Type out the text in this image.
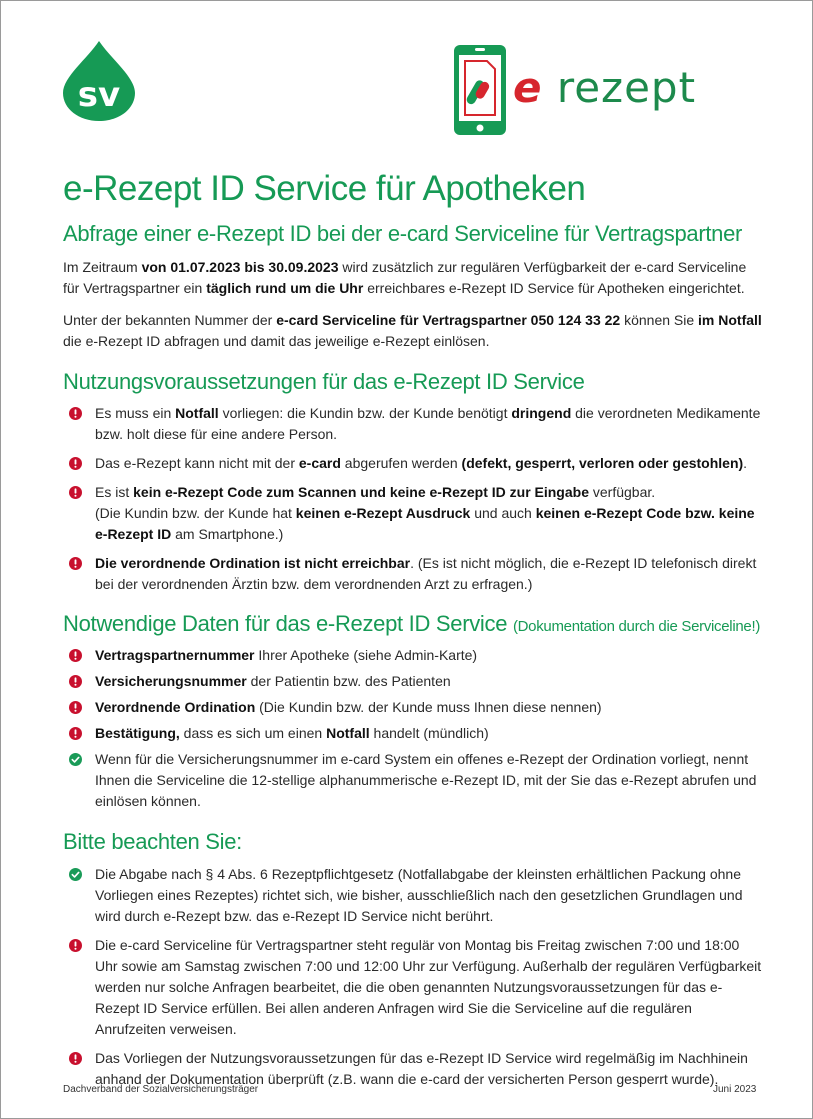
sv	e rezept
e-Rezept ID Service für Apotheken
Abfrage einer e-Rezept ID bei der e-card Serviceline für Vertragspartner

Im Zeitraum von 01.07.2023 bis 30.09.2023 wird zusätzlich zur regulären Verfügbarkeit der e-card Serviceline für Vertragspartner ein täglich rund um die Uhr erreichbares e-Rezept ID Service für Apotheken eingerichtet.

Unter der bekannten Nummer der e-card Serviceline für Vertragspartner 050 124 33 22 können Sie im Notfall die e-Rezept ID abfragen und damit das jeweilige e-Rezept einlösen.

Nutzungsvoraussetzungen für das e-Rezept ID Service
Es muss ein Notfall vorliegen: die Kundin bzw. der Kunde benötigt dringend die verordneten Medikamente bzw. holt diese für eine andere Person.
Das e-Rezept kann nicht mit der e-card abgerufen werden (defekt, gesperrt, verloren oder gestohlen).
Es ist kein e-Rezept Code zum Scannen und keine e-Rezept ID zur Eingabe verfügbar.
(Die Kundin bzw. der Kunde hat keinen e-Rezept Ausdruck und auch keinen e-Rezept Code bzw. keine e-Rezept ID am Smartphone.)
Die verordnende Ordination ist nicht erreichbar. (Es ist nicht möglich, die e-Rezept ID telefonisch direkt bei der verordnenden Ärztin bzw. dem verordnenden Arzt zu erfragen.)
Notwendige Daten für das e-Rezept ID Service (Dokumentation durch die Serviceline!)
Vertragspartnernummer Ihrer Apotheke (siehe Admin-Karte)
Versicherungsnummer der Patientin bzw. des Patienten
Verordnende Ordination (Die Kundin bzw. der Kunde muss Ihnen diese nennen)
Bestätigung, dass es sich um einen Notfall handelt (mündlich)
Wenn für die Versicherungsnummer im e-card System ein offenes e-Rezept der Ordination vorliegt, nennt Ihnen die Serviceline die 12-stellige alphanummerische e-Rezept ID, mit der Sie das e-Rezept abrufen und einlösen können.
Bitte beachten Sie:
Die Abgabe nach § 4 Abs. 6 Rezeptpflichtgesetz (Notfallabgabe der kleinsten erhältlichen Packung ohne Vorliegen eines Rezeptes) richtet sich, wie bisher, ausschließlich nach den gesetzlichen Grundlagen und wird durch e-Rezept bzw. das e-Rezept ID Service nicht berührt.
Die e-card Serviceline für Vertragspartner steht regulär von Montag bis Freitag zwischen 7:00 und 18:00 Uhr sowie am Samstag zwischen 7:00 und 12:00 Uhr zur Verfügung. Außerhalb der regulären Verfügbarkeit werden nur solche Anfragen bearbeitet, die die oben genannten Nutzungsvoraussetzungen für das e-Rezept ID Service erfüllen. Bei allen anderen Anfragen wird Sie die Serviceline auf die regulären Anrufzeiten verweisen.
Das Vorliegen der Nutzungsvoraussetzungen für das e-Rezept ID Service wird regelmäßig im Nachhinein anhand der Dokumentation überprüft (z.B. wann die e-card der versicherten Person gesperrt wurde).
Dachverband der Sozialversicherungsträger	Juni 2023
